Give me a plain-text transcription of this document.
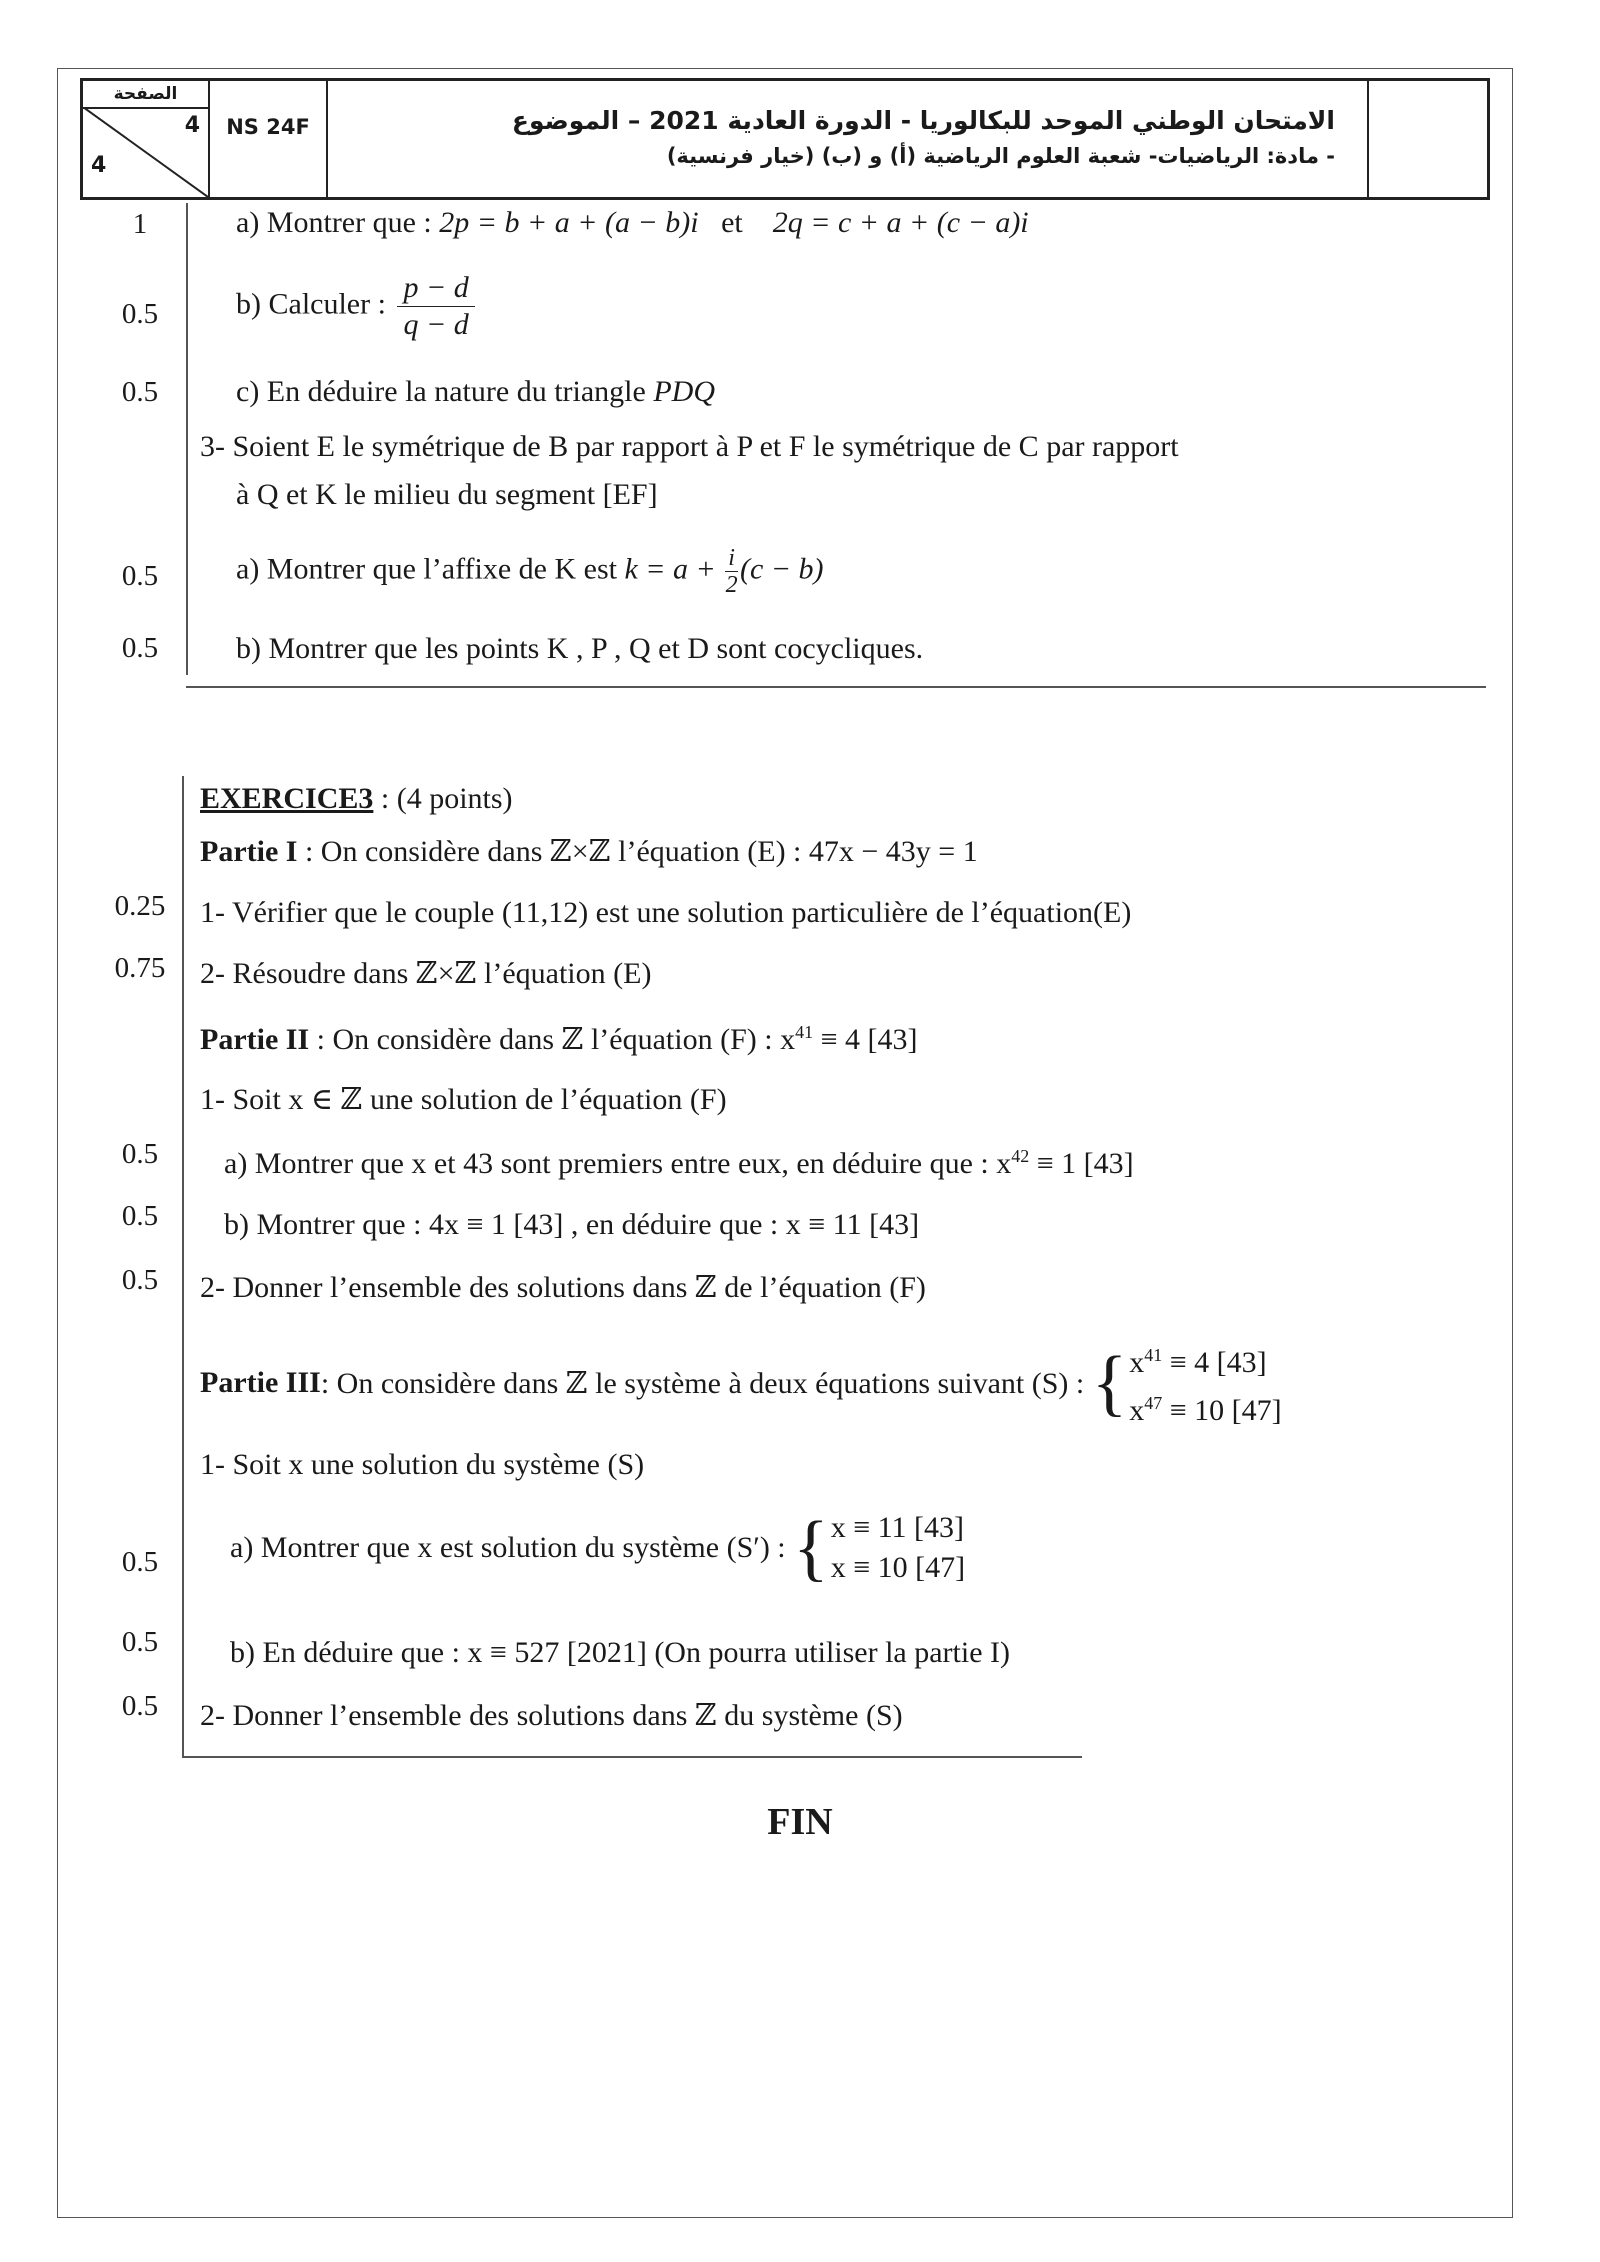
الصفحة
4
4
NS 24F	الامتحان الوطني الموحد للبكالوريا - الدورة العادية 2021 – الموضوع
- مادة: الرياضيات- شعبة العلوم الرياضية (أ) و (ب) (خيار فرنسية)
1	a) Montrer que : 2p = b + a + (a − b)i et 2q = c + a + (c − a)i
0.5	b) Calculer : $\frac{p - d}{q - d}$
0.5	c) En déduire la nature du triangle PDQ
3- Soient E le symétrique de B par rapport à P et F le symétrique de C par rapport
à Q et K le milieu du segment [EF]
0.5	a) Montrer que l’affixe de K est $k = a + \frac{i}{2} (c - b)$
0.5	b) Montrer que les points K , P , Q et D sont cocycliques.
EXERCICE3 : (4 points)
Partie I : On considère dans ℤ×ℤ l’équation (E) : 47x − 43y = 1
0.25	1- Vérifier que le couple (11,12) est une solution particulière de l’équation(E)
0.75	2- Résoudre dans ℤ×ℤ l’équation (E)
Partie II : On considère dans ℤ l’équation (F) : $x^{41} \equiv 4$ [43]
1- Soit x ∈ ℤ une solution de l’équation (F)
0.5	a) Montrer que x et 43 sont premiers entre eux, en déduire que : $x^{42} \equiv 1$ [43]
0.5	b) Montrer que : 4x ≡ 1 [43] , en déduire que : x ≡ 11 [43]
0.5	2- Donner l’ensemble des solutions dans ℤ de l’équation (F)
Partie III : On considère dans ℤ le système à deux équations suivant (S) :
{ $x^{41} \equiv 4$ [43]
$x^{47} \equiv 10$ [47]
1- Soit x une solution du système (S)
0.5	a) Montrer que x est solution du système (S′) :
{ x ≡ 11 [43]
x ≡ 10 [47]
0.5	b) En déduire que : x ≡ 527 [2021] (On pourra utiliser la partie I)
0.5	2- Donner l’ensemble des solutions dans ℤ du système (S)
FIN
